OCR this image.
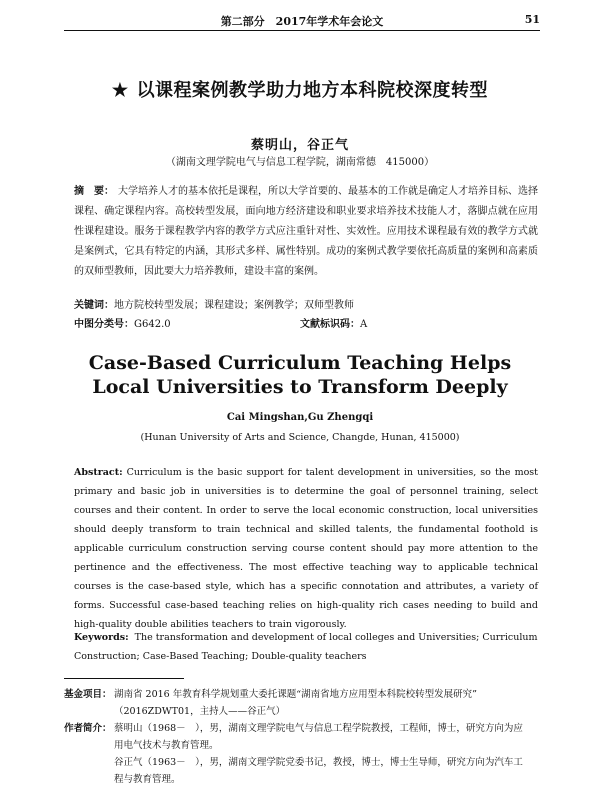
第二部分　2017年学术年会论文	51
★ 以课程案例教学助力地方本科院校深度转型
蔡明山，谷正气
（湖南文理学院电气与信息工程学院，湖南常德　415000）
摘　要： 大学培养人才的基本依托是课程，所以大学首要的、最基本的工作就是确定人才培养目标、选择课程、确定课程内容。高校转型发展，面向地方经济建设和职业要求培养技术技能人才，落脚点就在应用性课程建设。服务于课程教学内容的教学方式应注重针对性、实效性。应用技术课程最有效的教学方式就是案例式，它具有特定的内涵，其形式多样、属性特别。成功的案例式教学要依托高质量的案例和高素质的双师型教师，因此要大力培养教师，建设丰富的案例。
关键词：地方院校转型发展；课程建设；案例教学；双师型教师
中图分类号：G642.0	文献标识码：A
Case-Based Curriculum Teaching Helps Local Universities to Transform Deeply
Cai Mingshan,Gu Zhengqi
(Hunan University of Arts and Science, Changde, Hunan, 415000)
Abstract: Curriculum is the basic support for talent development in universities, so the most primary and basic job in universities is to determine the goal of personnel training, select courses and their content. In order to serve the local economic construction, local universities should deeply transform to train technical and skilled talents, the fundamental foothold is applicable curriculum construction serving course content should pay more attention to the pertinence and the effectiveness. The most effective teaching way to applicable technical courses is the case-based style, which has a specific connotation and attributes, a variety of forms. Successful case-based teaching relies on high-quality rich cases needing to build and high-quality double abilities teachers to train vigorously.
Keywords: The transformation and development of local colleges and Universities; Curriculum Construction; Case-Based Teaching; Double-quality teachers
基金项目： 湖南省 2016 年教育科学规划重大委托课题“湖南省地方应用型本科院校转型发展研究”
（2016ZDWT01，主持人——谷正气）
作者简介： 蔡明山（1968－　），男，湖南文理学院电气与信息工程学院教授，工程师，博士，研究方向为应
用电气技术与教育管理。
谷正气（1963－　），男，湖南文理学院党委书记，教授，博士，博士生导师，研究方向为汽车工
程与教育管理。
